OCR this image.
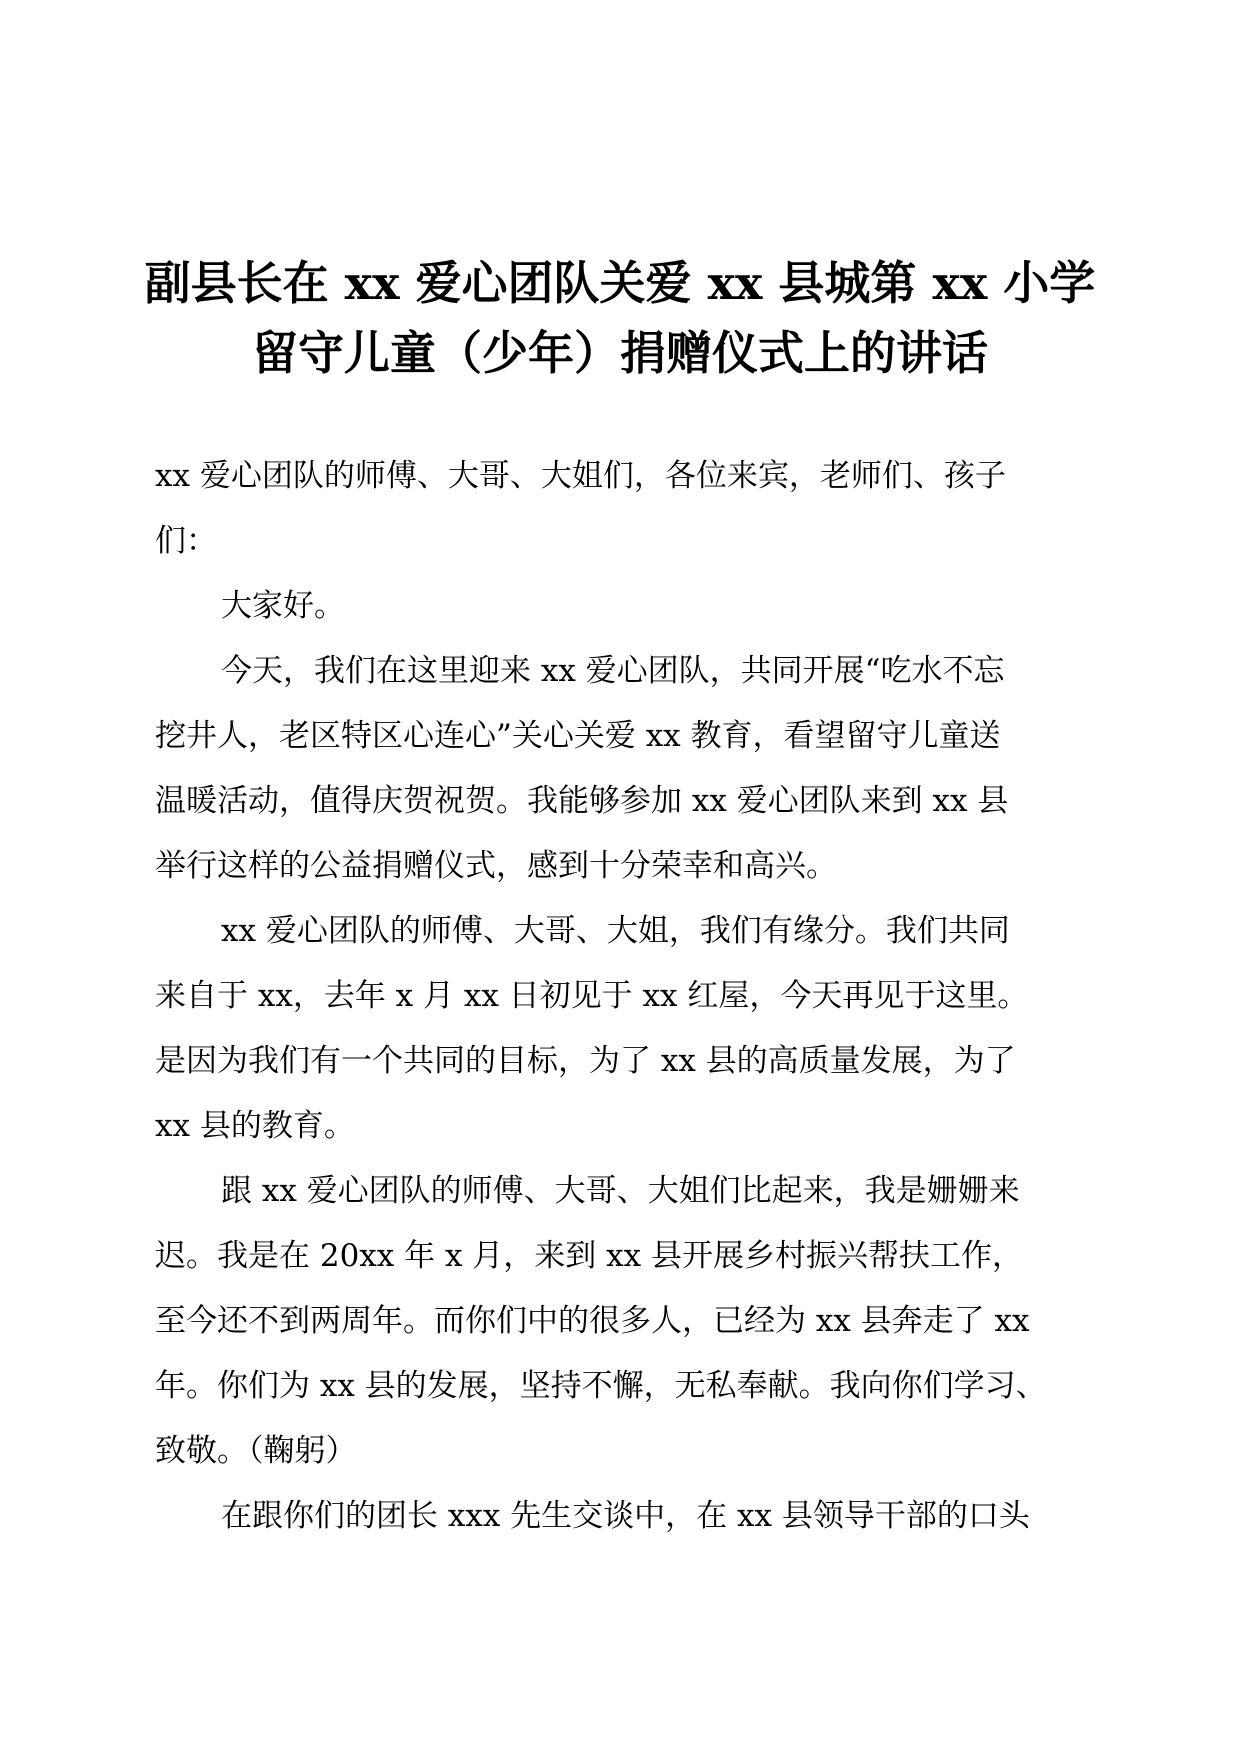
副县长在 xx 爱心团队关爱 xx 县城第 xx 小学
留守儿童（少年）捐赠仪式上的讲话
xx 爱心团队的师傅、大哥、大姐们，各位来宾，老师们、孩子
们：
大家好。
今天，我们在这里迎来 xx 爱心团队，共同开展“吃水不忘
挖井人，老区特区心连心”关心关爱 xx 教育，看望留守儿童送
温暖活动，值得庆贺祝贺。我能够参加 xx 爱心团队来到 xx 县
举行这样的公益捐赠仪式，感到十分荣幸和高兴。
xx 爱心团队的师傅、大哥、大姐，我们有缘分。我们共同
来自于 xx，去年 x 月 xx 日初见于 xx 红屋，今天再见于这里。
是因为我们有一个共同的目标，为了 xx 县的高质量发展，为了
xx 县的教育。
跟 xx 爱心团队的师傅、大哥、大姐们比起来，我是姗姗来
迟。我是在 20xx 年 x 月，来到 xx 县开展乡村振兴帮扶工作，
至今还不到两周年。而你们中的很多人，已经为 xx 县奔走了 xx
年。你们为 xx 县的发展，坚持不懈，无私奉献。我向你们学习、
致敬。（鞠躬）
在跟你们的团长 xxx 先生交谈中，在 xx 县领导干部的口头
